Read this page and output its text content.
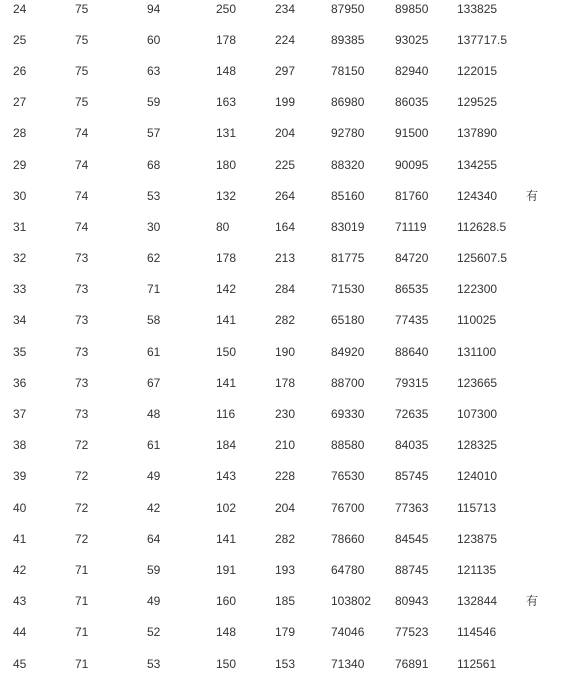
24	75	94	250	234	87950	89850	133825	
25	75	60	178	224	89385	93025	137717.5	
26	75	63	148	297	78150	82940	122015	
27	75	59	163	199	86980	86035	129525	
28	74	57	131	204	92780	91500	137890	
29	74	68	180	225	88320	90095	134255	
30	74	53	132	264	85160	81760	124340	有
31	74	30	80	164	83019	71119	112628.5	
32	73	62	178	213	81775	84720	125607.5	
33	73	71	142	284	71530	86535	122300	
34	73	58	141	282	65180	77435	110025	
35	73	61	150	190	84920	88640	131100	
36	73	67	141	178	88700	79315	123665	
37	73	48	116	230	69330	72635	107300	
38	72	61	184	210	88580	84035	128325	
39	72	49	143	228	76530	85745	124010	
40	72	42	102	204	76700	77363	115713	
41	72	64	141	282	78660	84545	123875	
42	71	59	191	193	64780	88745	121135	
43	71	49	160	185	103802	80943	132844	有
44	71	52	148	179	74046	77523	114546	
45	71	53	150	153	71340	76891	112561	
